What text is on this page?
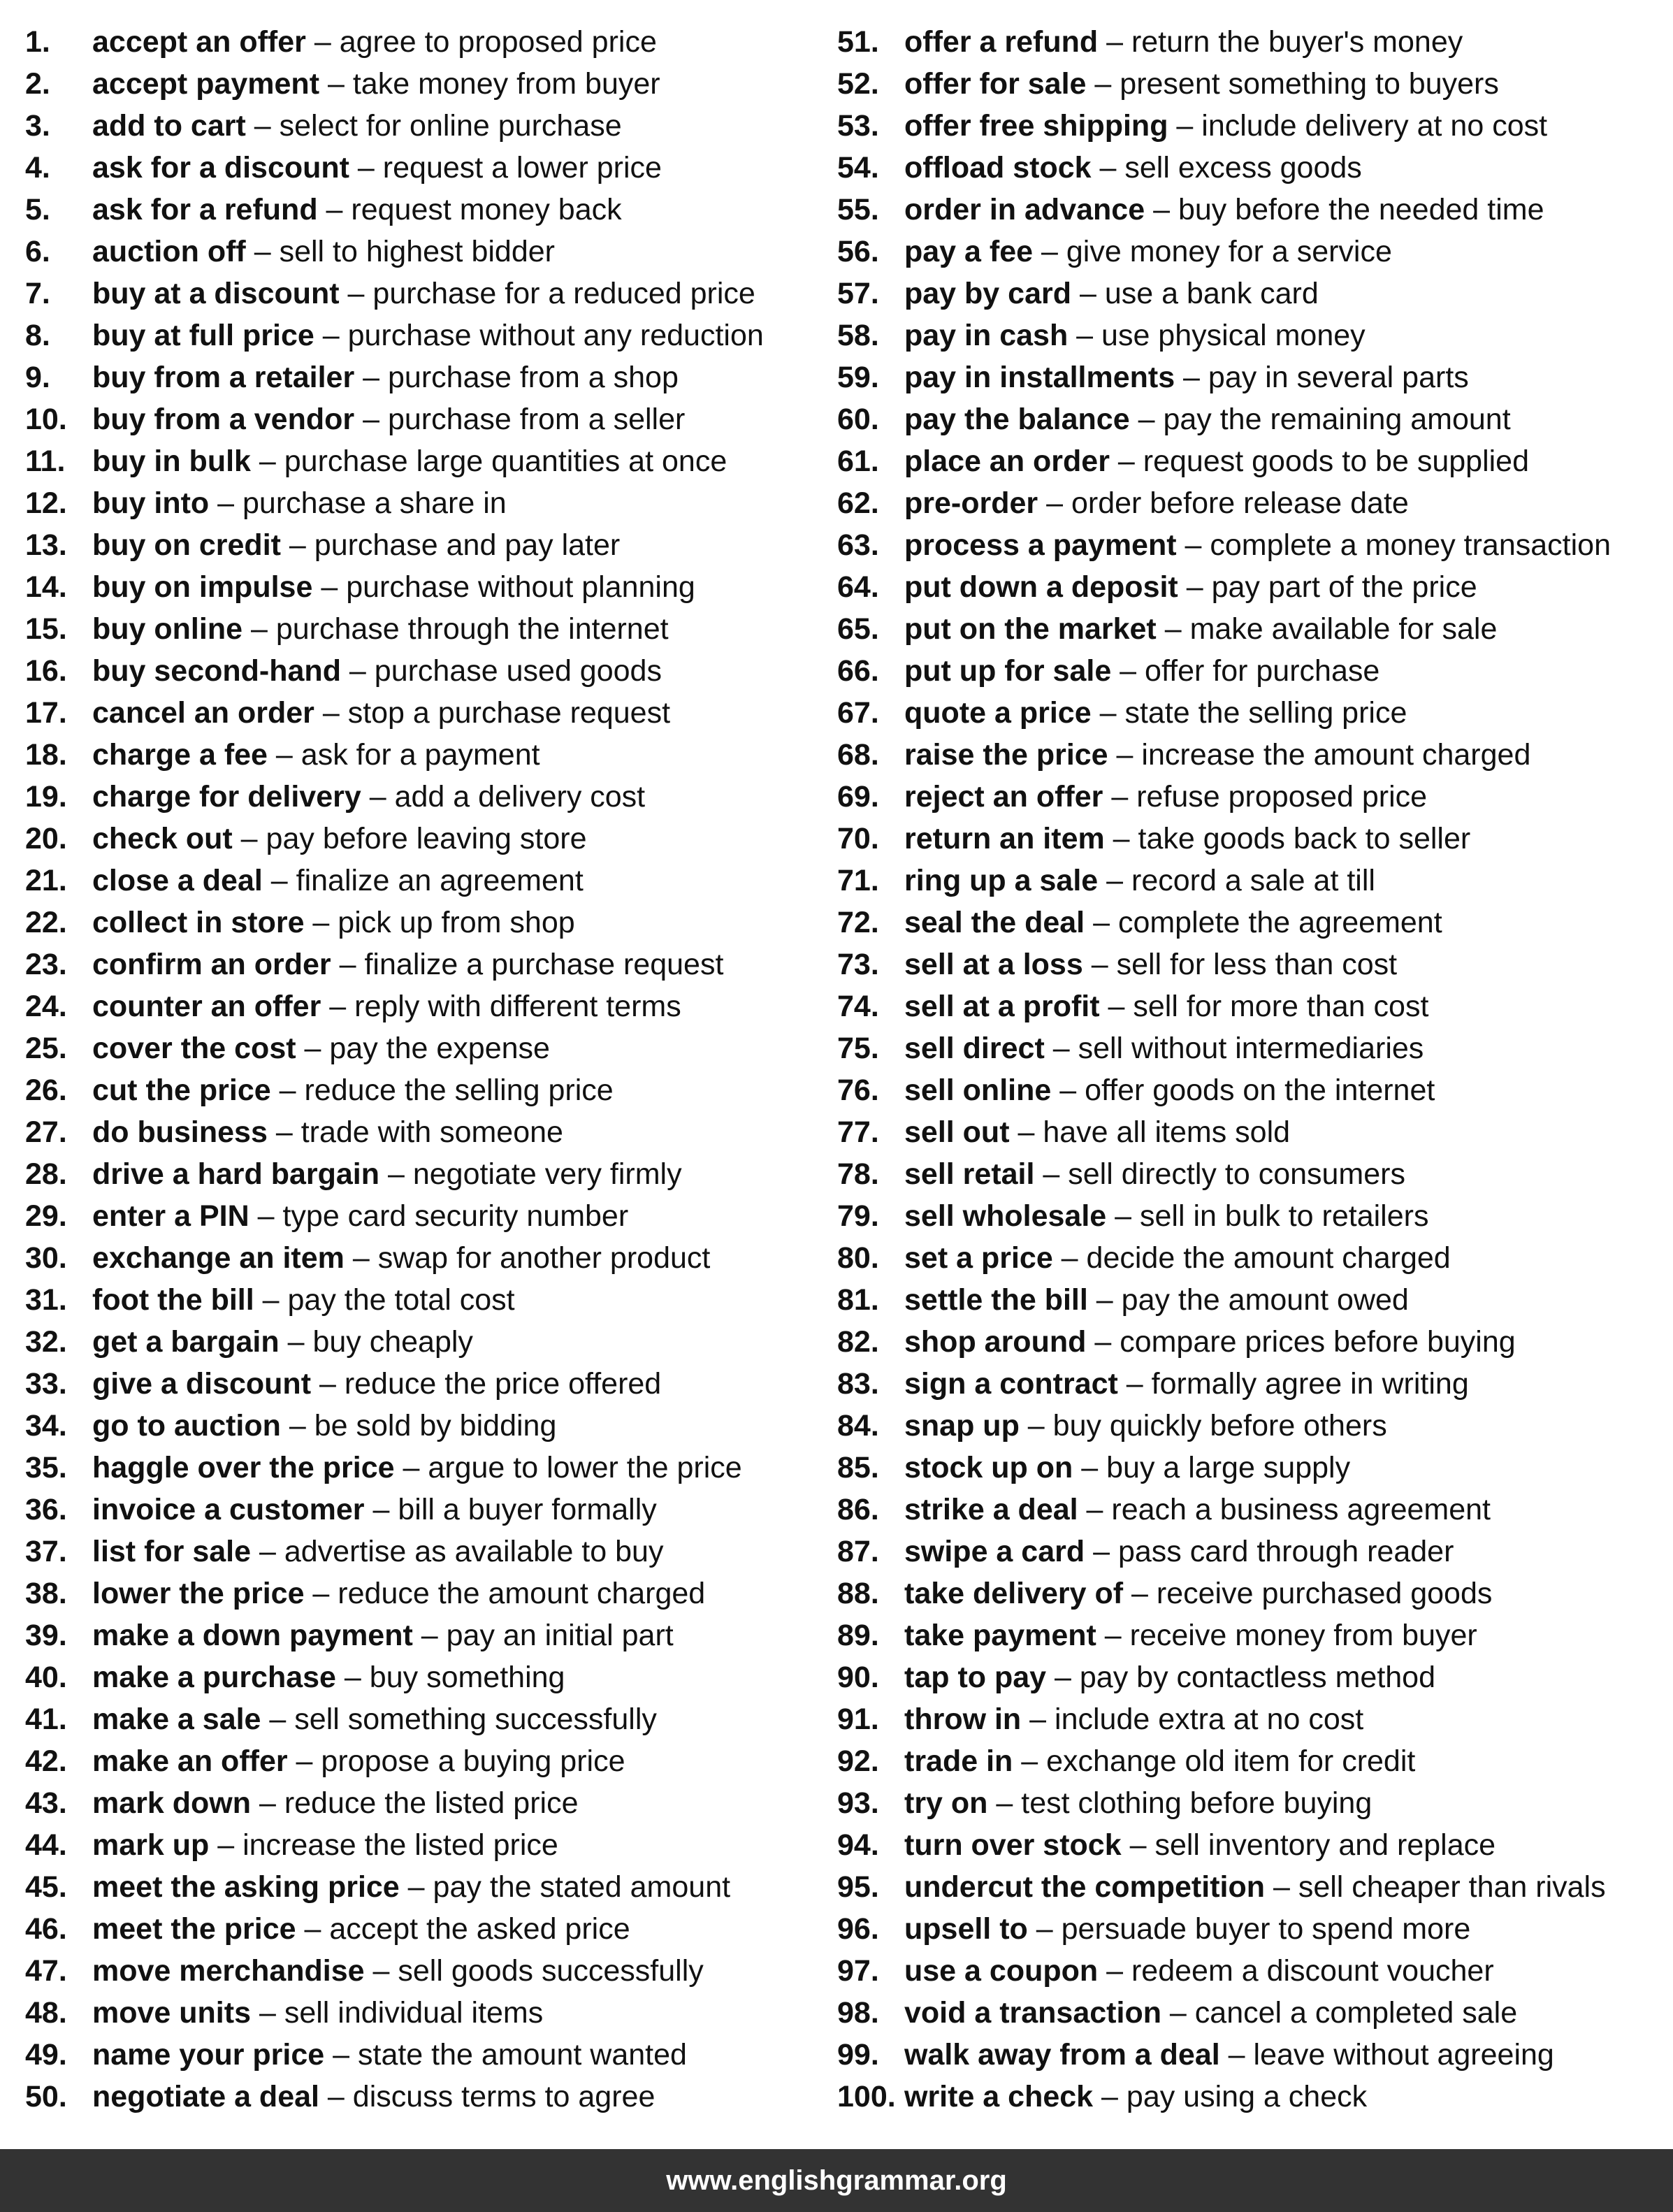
1. accept an offer – agree to proposed price
2. accept payment – take money from buyer
3. add to cart – select for online purchase
4. ask for a discount – request a lower price
5. ask for a refund – request money back
6. auction off – sell to highest bidder
7. buy at a discount – purchase for a reduced price
8. buy at full price – purchase without any reduction
9. buy from a retailer – purchase from a shop
10. buy from a vendor – purchase from a seller
11. buy in bulk – purchase large quantities at once
12. buy into – purchase a share in
13. buy on credit – purchase and pay later
14. buy on impulse – purchase without planning
15. buy online – purchase through the internet
16. buy second-hand – purchase used goods
17. cancel an order – stop a purchase request
18. charge a fee – ask for a payment
19. charge for delivery – add a delivery cost
20. check out – pay before leaving store
21. close a deal – finalize an agreement
22. collect in store – pick up from shop
23. confirm an order – finalize a purchase request
24. counter an offer – reply with different terms
25. cover the cost – pay the expense
26. cut the price – reduce the selling price
27. do business – trade with someone
28. drive a hard bargain – negotiate very firmly
29. enter a PIN – type card security number
30. exchange an item – swap for another product
31. foot the bill – pay the total cost
32. get a bargain – buy cheaply
33. give a discount – reduce the price offered
34. go to auction – be sold by bidding
35. haggle over the price – argue to lower the price
36. invoice a customer – bill a buyer formally
37. list for sale – advertise as available to buy
38. lower the price – reduce the amount charged
39. make a down payment – pay an initial part
40. make a purchase – buy something
41. make a sale – sell something successfully
42. make an offer – propose a buying price
43. mark down – reduce the listed price
44. mark up – increase the listed price
45. meet the asking price – pay the stated amount
46. meet the price – accept the asked price
47. move merchandise – sell goods successfully
48. move units – sell individual items
49. name your price – state the amount wanted
50. negotiate a deal – discuss terms to agree
51. offer a refund – return the buyer's money
52. offer for sale – present something to buyers
53. offer free shipping – include delivery at no cost
54. offload stock – sell excess goods
55. order in advance – buy before the needed time
56. pay a fee – give money for a service
57. pay by card – use a bank card
58. pay in cash – use physical money
59. pay in installments – pay in several parts
60. pay the balance – pay the remaining amount
61. place an order – request goods to be supplied
62. pre-order – order before release date
63. process a payment – complete a money transaction
64. put down a deposit – pay part of the price
65. put on the market – make available for sale
66. put up for sale – offer for purchase
67. quote a price – state the selling price
68. raise the price – increase the amount charged
69. reject an offer – refuse proposed price
70. return an item – take goods back to seller
71. ring up a sale – record a sale at till
72. seal the deal – complete the agreement
73. sell at a loss – sell for less than cost
74. sell at a profit – sell for more than cost
75. sell direct – sell without intermediaries
76. sell online – offer goods on the internet
77. sell out – have all items sold
78. sell retail – sell directly to consumers
79. sell wholesale – sell in bulk to retailers
80. set a price – decide the amount charged
81. settle the bill – pay the amount owed
82. shop around – compare prices before buying
83. sign a contract – formally agree in writing
84. snap up – buy quickly before others
85. stock up on – buy a large supply
86. strike a deal – reach a business agreement
87. swipe a card – pass card through reader
88. take delivery of – receive purchased goods
89. take payment – receive money from buyer
90. tap to pay – pay by contactless method
91. throw in – include extra at no cost
92. trade in – exchange old item for credit
93. try on – test clothing before buying
94. turn over stock – sell inventory and replace
95. undercut the competition – sell cheaper than rivals
96. upsell to – persuade buyer to spend more
97. use a coupon – redeem a discount voucher
98. void a transaction – cancel a completed sale
99. walk away from a deal – leave without agreeing
100. write a check – pay using a check
www.englishgrammar.org
